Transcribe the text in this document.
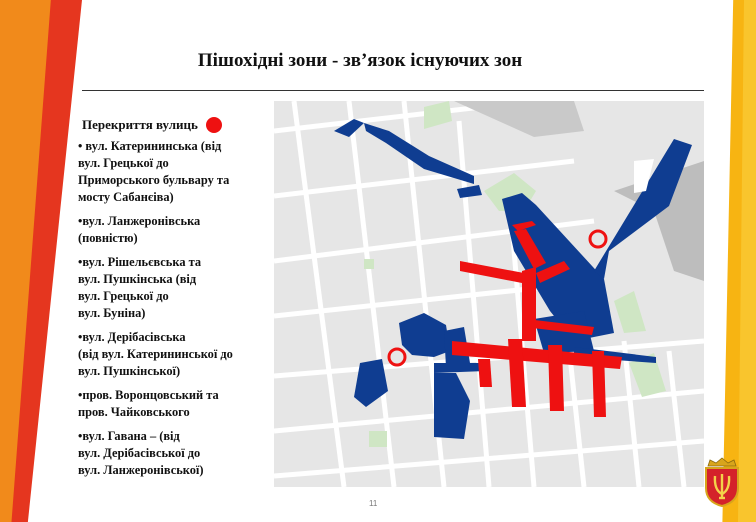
Пішохідні зони - зв’язок існуючих зон
Перекриття вулиць
• вул. Катерининська (від
вул. Грецької до
Приморського бульвару та
мосту Сабанєіва)
•вул. Ланжеронівська
(повністю)
•вул. Рішельєвська та
вул. Пушкінська (від
вул. Грецької до
вул. Буніна)
•вул. Дерібасівська
(від вул. Катерининської до
вул. Пушкінської)
•пров. Воронцовський та
пров. Чайковського
•вул. Гавана – (від
вул. Дерібасівської до
вул. Ланжеронівської)
11
